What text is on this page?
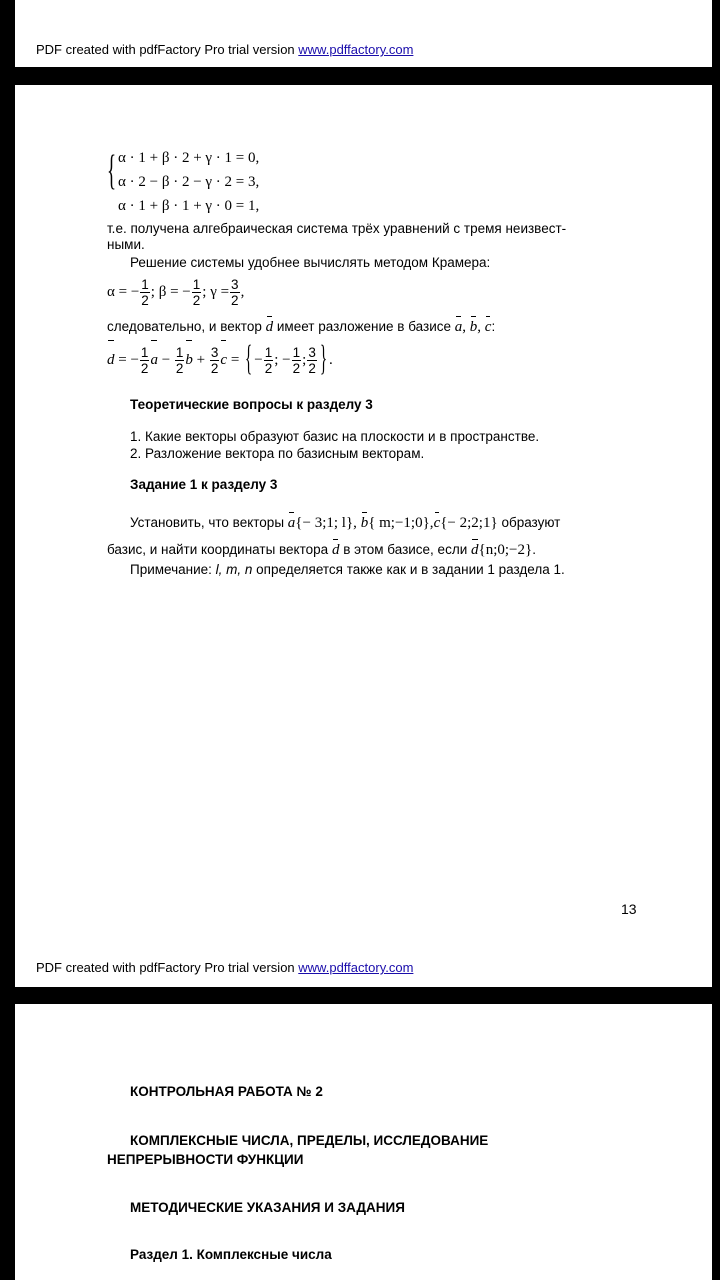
PDF created with pdfFactory Pro trial version www.pdffactory.com
{ α · 1 + β · 2 + γ · 1 = 0,
α · 2 − β · 2 − γ · 2 = 3,
α · 1 + β · 1 + γ · 0 = 1,
т.е. получена алгебраическая система трёх уравнений с тремя неизвест-
ными.
Решение системы удобнее вычислять методом Крамера:
α = − $\frac{1}{2}$ ; β = − $\frac{1}{2}$ ; $\gamma = \frac{3}{2}$ ,
следовательно, и вектор d имеет разложение в базисе a, b, c:
d = − $\frac{1}{2}$ $a - \frac{1}{2}$ $b + \frac{3}{2}$ c = { − $\frac{1}{2}$ ; − $\frac{1}{2}$ ; $\frac{3}{2}$ } .
Теоретические вопросы к разделу 3
1. Какие векторы образуют базис на плоскости и в пространстве.
2. Разложение вектора по базисным векторам.
Задание 1 к разделу 3
Установить, что векторы a{− 3;1; l}, b{ m;−1;0},c{− 2;2;1} образуют
базис, и найти координаты вектора d в этом базисе, если d{n;0;−2}.
Примечание: l, m, n определяется также как и в задании 1 раздела 1.
13
PDF created with pdfFactory Pro trial version www.pdffactory.com
КОНТРОЛЬНАЯ РАБОТА № 2
КОМПЛЕКСНЫЕ ЧИСЛА, ПРЕДЕЛЫ, ИССЛЕДОВАНИЕ
НЕПРЕРЫВНОСТИ ФУНКЦИИ
МЕТОДИЧЕСКИЕ УКАЗАНИЯ И ЗАДАНИЯ
Раздел 1. Комплексные числа
